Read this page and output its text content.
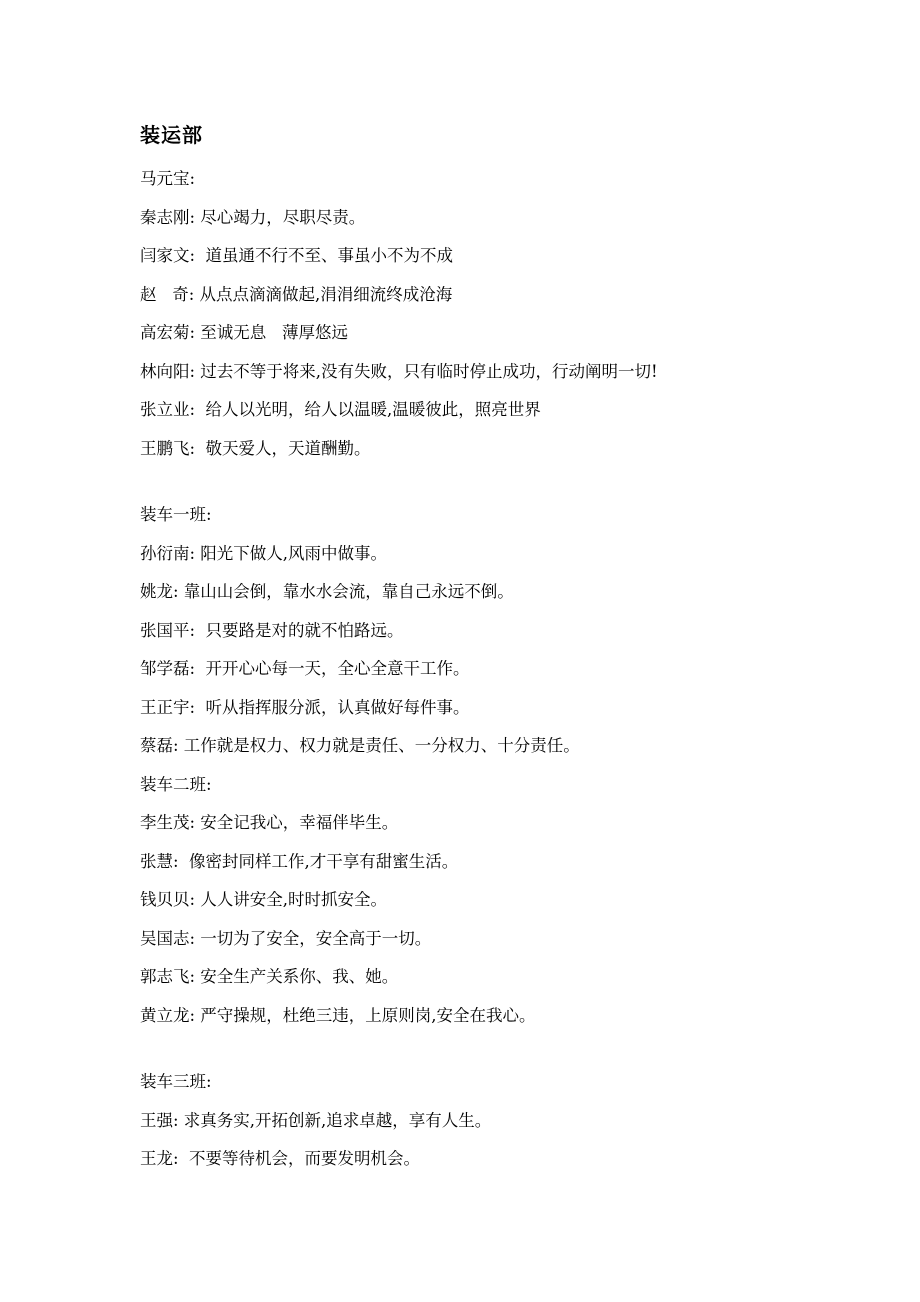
装运部
马元宝:
秦志刚: 尽心竭力，尽职尽责。
闫家文:  道虽通不行不至、事虽小不为不成
赵   奇: 从点点滴滴做起,涓涓细流终成沧海
高宏菊: 至诚无息   薄厚悠远
林向阳: 过去不等于将来,没有失败，只有临时停止成功，行动阐明一切!
张立业:  给人以光明，给人以温暖,温暖彼此，照亮世界
王鹏飞:  敬天爱人，天道酬勤。
装车一班:
孙衍南: 阳光下做人,风雨中做事。
姚龙: 靠山山会倒，靠水水会流，靠自己永远不倒。
张国平:  只要路是对的就不怕路远。
邹学磊:  开开心心每一天，全心全意干工作。
王正宇:  听从指挥服分派，认真做好每件事。
蔡磊: 工作就是权力、权力就是责任、一分权力、十分责任。
装车二班:
李生茂: 安全记我心，幸福伴毕生。
张慧:  像密封同样工作,才干享有甜蜜生活。
钱贝贝: 人人讲安全,时时抓安全。
吴国志: 一切为了安全，安全高于一切。
郭志飞: 安全生产关系你、我、她。
黄立龙: 严守操规，杜绝三违，上原则岗,安全在我心。
装车三班:
王强: 求真务实,开拓创新,追求卓越，享有人生。
王龙:  不要等待机会，而要发明机会。
